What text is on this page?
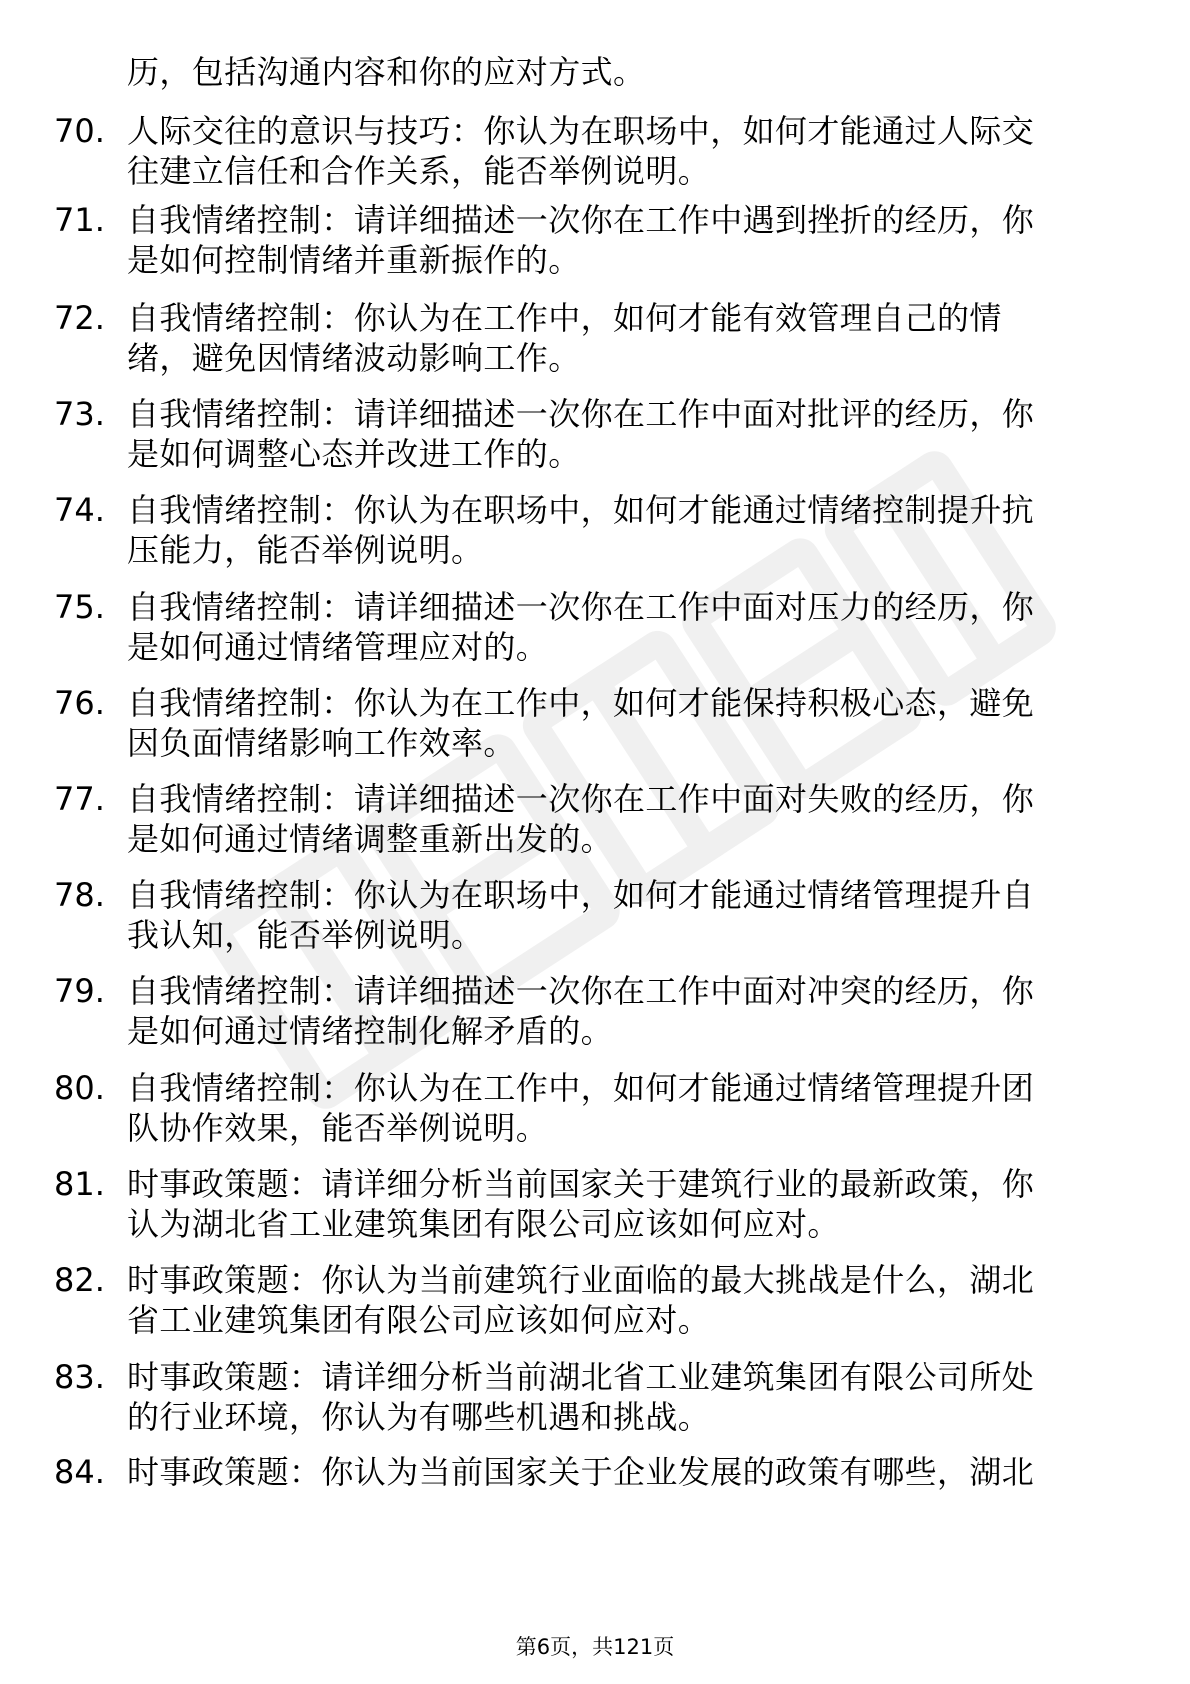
历，包括沟通内容和你的应对方式。
70. 人际交往的意识与技巧：你认为在职场中，如何才能通过人际交
往建立信任和合作关系，能否举例说明。
71. 自我情绪控制：请详细描述一次你在工作中遇到挫折的经历，你
是如何控制情绪并重新振作的。
72. 自我情绪控制：你认为在工作中，如何才能有效管理自己的情
绪，避免因情绪波动影响工作。
73. 自我情绪控制：请详细描述一次你在工作中面对批评的经历，你
是如何调整心态并改进工作的。
74. 自我情绪控制：你认为在职场中，如何才能通过情绪控制提升抗
压能力，能否举例说明。
75. 自我情绪控制：请详细描述一次你在工作中面对压力的经历，你
是如何通过情绪管理应对的。
76. 自我情绪控制：你认为在工作中，如何才能保持积极心态，避免
因负面情绪影响工作效率。
77. 自我情绪控制：请详细描述一次你在工作中面对失败的经历，你
是如何通过情绪调整重新出发的。
78. 自我情绪控制：你认为在职场中，如何才能通过情绪管理提升自
我认知，能否举例说明。
79. 自我情绪控制：请详细描述一次你在工作中面对冲突的经历，你
是如何通过情绪控制化解矛盾的。
80. 自我情绪控制：你认为在工作中，如何才能通过情绪管理提升团
队协作效果，能否举例说明。
81. 时事政策题：请详细分析当前国家关于建筑行业的最新政策，你
认为湖北省工业建筑集团有限公司应该如何应对。
82. 时事政策题：你认为当前建筑行业面临的最大挑战是什么，湖北
省工业建筑集团有限公司应该如何应对。
83. 时事政策题：请详细分析当前湖北省工业建筑集团有限公司所处
的行业环境，你认为有哪些机遇和挑战。
84. 时事政策题：你认为当前国家关于企业发展的政策有哪些，湖北
第6页，共121页
